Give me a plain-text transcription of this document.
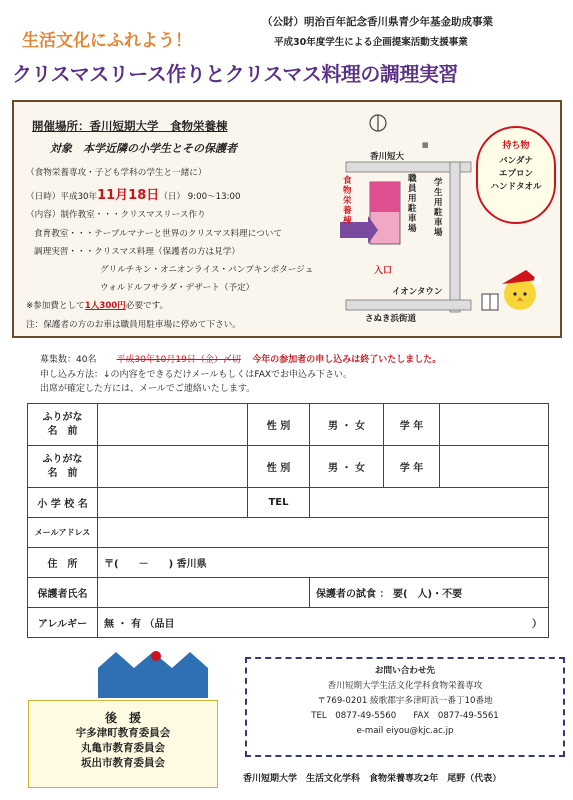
生活文化にふれよう！
（公財）明治百年記念香川県青少年基金助成事業
平成30年度学生による企画提案活動支援事業
クリスマスリース作りとクリスマス料理の調理実習
開催場所：香川短期大学　食物栄養棟
対象　本学近隣の小学生とその保護者
（食物栄養専攻・子ども学科の学生と一緒に）
（日時）平成30年11月18日（日） 9:00～13:00
（内容）制作教室・・・クリスマスリース作り
食育教室・・・テーブルマナーと世界のクリスマス料理について
調理実習・・・クリスマス料理（保護者の方は見学）
グリルチキン・オニオンライス・パンプキンポタージュ
ウォルドルフサラダ・デザート（予定）
※参加費として1人300円必要です。
注：保護者の方のお車は職員用駐車場に停めて下さい。
▦
香川短大
食物栄養棟
職員用駐車場
学生用駐車場
入口
イオンタウン
さぬき浜街道
持ち物
バンダナ
エプロン
ハンドタオル
募集数：40名 平成30年10月19日（金）〆切 今年の参加者の申し込みは終了いたしました。
申し込み方法：↓の内容をできるだけメールもしくはFAXでお申込み下さい。
出席が確定した方には、メールでご連絡いたします。
ふりがな
名　前		性 別	男 ・ 女	学 年	
ふりがな
名　前		性 別	男 ・ 女	学 年	
小 学 校 名		TEL			
メールアドレス					
住　所	〒(　　－　　) 香川県				
保護者氏名			保護者の試食 ： 要(　人)・不要		
アレルギー	無 ・ 有 （品目 ）				
後　援
宇多津町教育委員会
丸亀市教育委員会
坂出市教育委員会
お問い合わせ先
香川短期大学生活文化学科食物栄養専攻
〒769-0201 綾歌郡宇多津町浜一番丁10番地
TEL　0877-49-5560　　FAX　0877-49-5561
e-mail eiyou@kjc.ac.jp
香川短期大学　生活文化学科　食物栄養専攻2年　尾野（代表）
